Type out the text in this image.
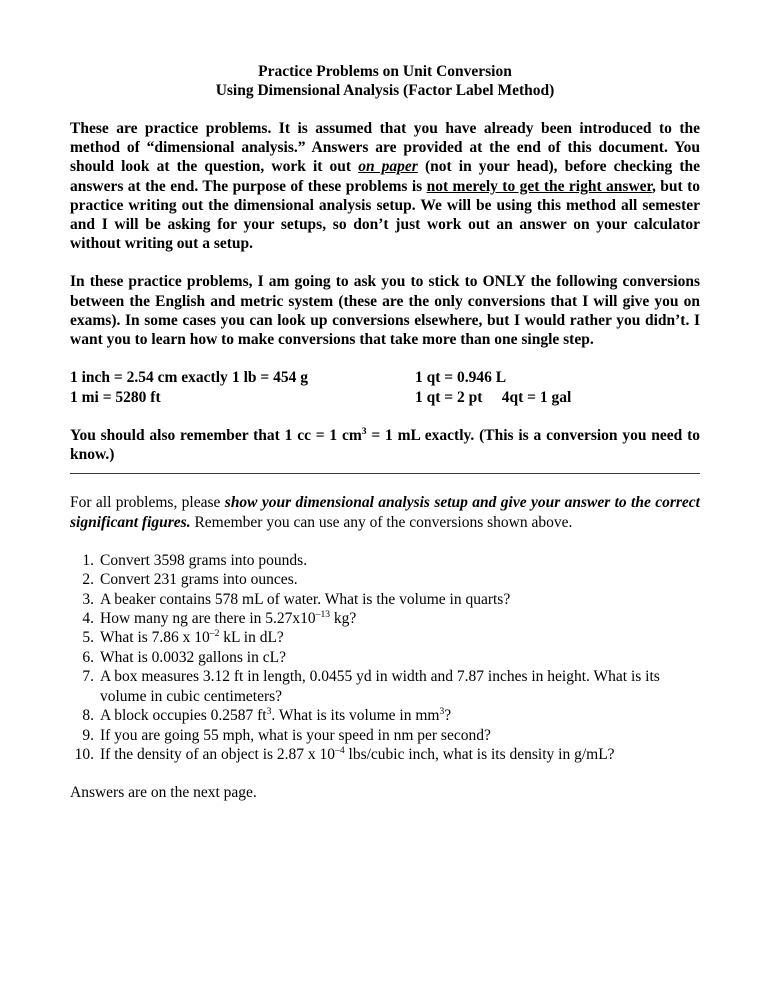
Practice Problems on Unit Conversion
Using Dimensional Analysis (Factor Label Method)

These are practice problems. It is assumed that you have already been introduced to the method of “dimensional analysis.” Answers are provided at the end of this document. You should look at the question, work it out on paper (not in your head), before checking the answers at the end. The purpose of these problems is not merely to get the right answer, but to practice writing out the dimensional analysis setup. We will be using this method all semester and I will be asking for your setups, so don’t just work out an answer on your calculator without writing out a setup.

In these practice problems, I am going to ask you to stick to ONLY the following conversions between the English and metric system (these are the only conversions that I will give you on exams). In some cases you can look up conversions elsewhere, but I would rather you didn’t. I want you to learn how to make conversions that take more than one single step.

1 inch = 2.54 cm exactly	1 lb = 454 g	1 qt = 0.946 L
1 mi = 5280 ft		1 qt = 2 pt     4qt = 1 gal

You should also remember that 1 cc = 1 $cm^3 = 1$ mL exactly. (This is a conversion you need to know.)

For all problems, please show your dimensional analysis setup and give your answer to the correct significant figures. Remember you can use any of the conversions shown above.

1. Convert 3598 grams into pounds.
2. Convert 231 grams into ounces.
3. A beaker contains 578 mL of water. What is the volume in quarts?
4. How many ng are there in $5.27x10^{-13}$ kg?
5. What is 7.86 x $10^{-2}$ kL in dL?
6. What is 0.0032 gallons in cL?
7. A box measures 3.12 ft in length, 0.0455 yd in width and 7.87 inches in height. What is its volume in cubic centimeters?
8. A block occupies 0.2587 $ft^3$. What is its volume in $mm^3$?
9. If you are going 55 mph, what is your speed in nm per second?
10. If the density of an object is 2.87 x $10^{-4}$ lbs/cubic inch, what is its density in g/mL?

Answers are on the next page.
